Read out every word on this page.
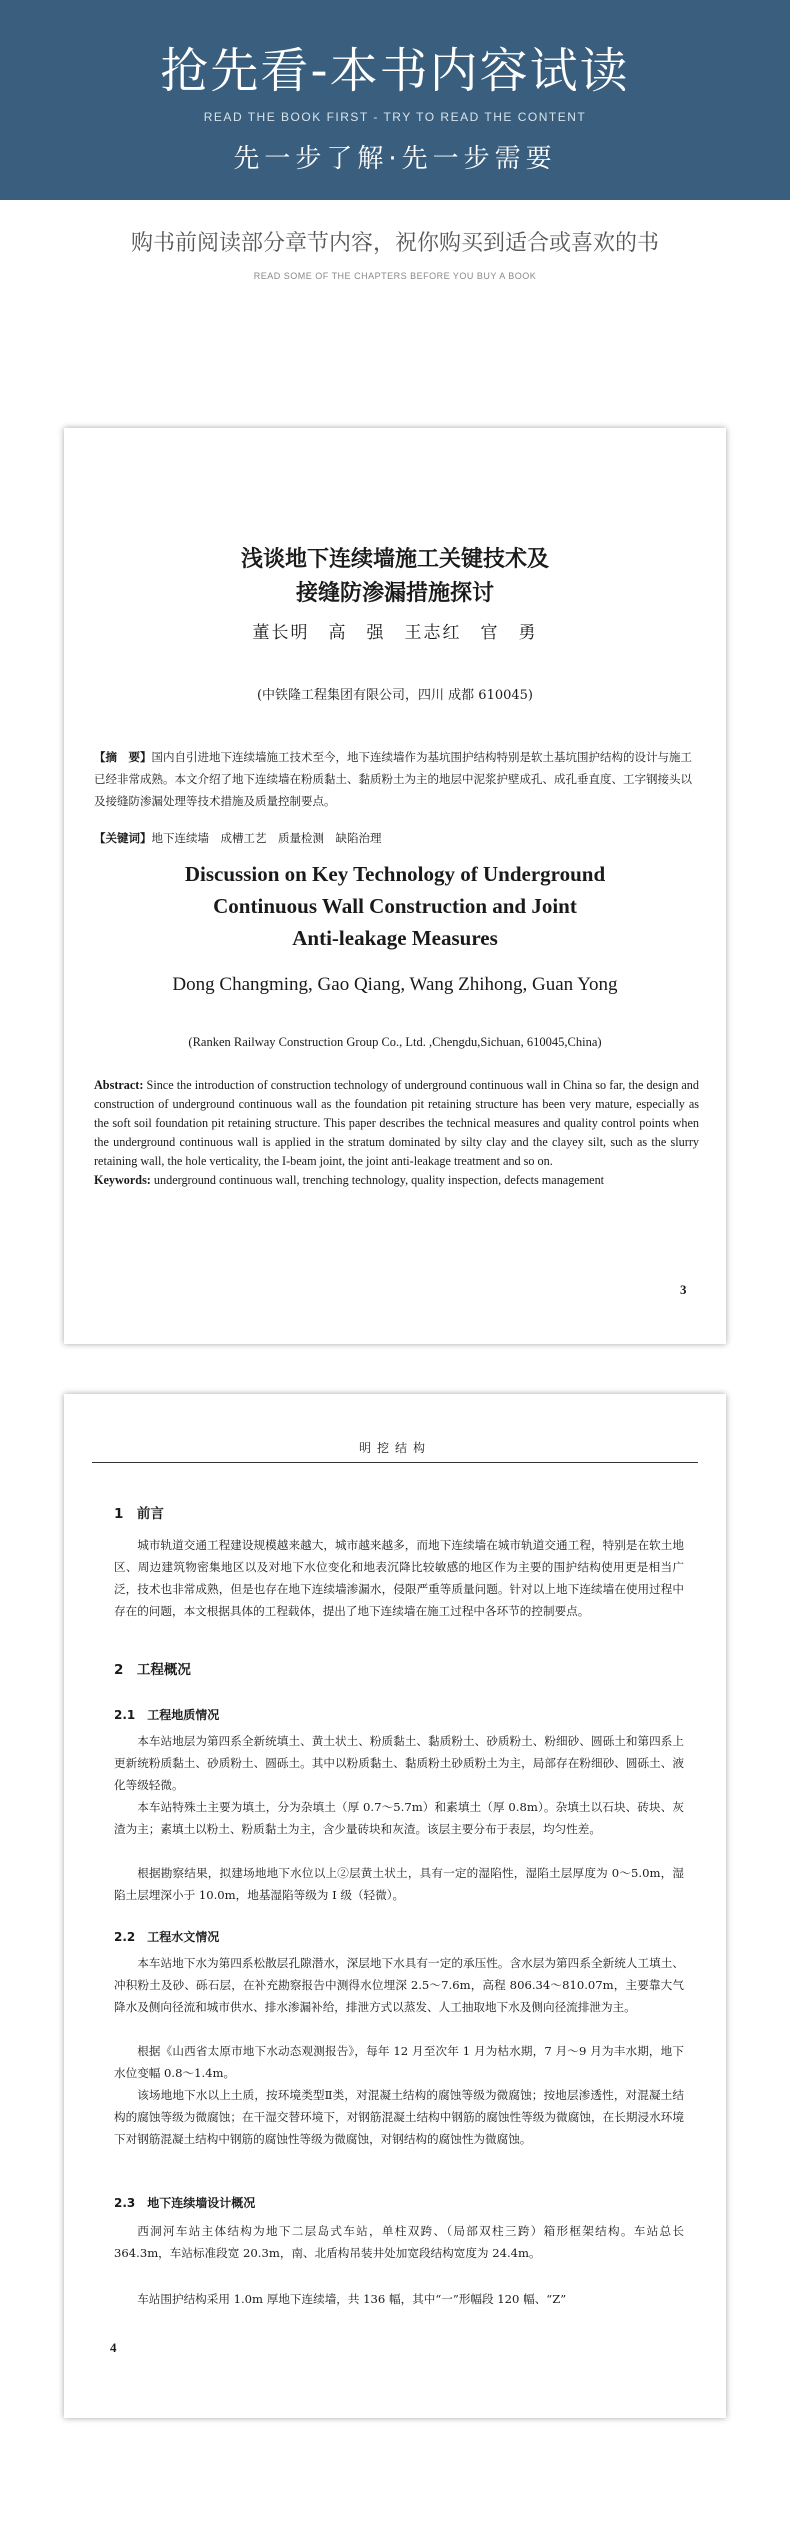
抢先看-本书内容试读
READ THE BOOK FIRST - TRY TO READ THE CONTENT
先一步了解·先一步需要
购书前阅读部分章节内容，祝你购买到适合或喜欢的书
READ SOME OF THE CHAPTERS BEFORE YOU BUY A BOOK
浅谈地下连续墙施工关键技术及
接缝防渗漏措施探讨
董长明　高　强　王志红　官　勇
(中铁隆工程集团有限公司，四川 成都 610045)
【摘　要】国内自引进地下连续墙施工技术至今，地下连续墙作为基坑围护结构特别是软土基坑围护结构的设计与施工已经非常成熟。本文介绍了地下连续墙在粉质黏土、黏质粉土为主的地层中泥浆护壁成孔、成孔垂直度、工字钢接头以及接缝防渗漏处理等技术措施及质量控制要点。
【关键词】地下连续墙　成槽工艺　质量检测　缺陷治理
Discussion on Key Technology of Underground
Continuous Wall Construction and Joint
Anti-leakage Measures
Dong Changming, Gao Qiang, Wang Zhihong, Guan Yong
(Ranken Railway Construction Group Co., Ltd. ,Chengdu,Sichuan, 610045,China)
Abstract: Since the introduction of construction technology of underground continuous wall in China so far, the design and construction of underground continuous wall as the foundation pit retaining structure has been very mature, especially as the soft soil foundation pit retaining structure. This paper describes the technical measures and quality control points when the underground continuous wall is applied in the stratum dominated by silty clay and the clayey silt, such as the slurry retaining wall, the hole verticality, the I-beam joint, the joint anti-leakage treatment and so on.
Keywords: underground continuous wall, trenching technology, quality inspection, defects management
3
明挖结构
1　前言
城市轨道交通工程建设规模越来越大，城市越来越多，而地下连续墙在城市轨道交通工程，特别是在软土地区、周边建筑物密集地区以及对地下水位变化和地表沉降比较敏感的地区作为主要的围护结构使用更是相当广泛，技术也非常成熟，但是也存在地下连续墙渗漏水，侵限严重等质量问题。针对以上地下连续墙在使用过程中存在的问题，本文根据具体的工程载体，提出了地下连续墙在施工过程中各环节的控制要点。
2　工程概况
2.1　工程地质情况
本车站地层为第四系全新统填土、黄土状土、粉质黏土、黏质粉土、砂质粉土、粉细砂、圆砾土和第四系上更新统粉质黏土、砂质粉土、圆砾土。其中以粉质黏土、黏质粉土砂质粉土为主，局部存在粉细砂、圆砾土、液化等级轻微。
本车站特殊土主要为填土，分为杂填土（厚 0.7～5.7m）和素填土（厚 0.8m）。杂填土以石块、砖块、灰渣为主；素填土以粉土、粉质黏土为主，含少量砖块和灰渣。该层主要分布于表层，均匀性差。
根据勘察结果，拟建场地地下水位以上②层黄土状土，具有一定的湿陷性，湿陷土层厚度为 0～5.0m，湿陷土层埋深小于 10.0m，地基湿陷等级为 I 级（轻微）。
2.2　工程水文情况
本车站地下水为第四系松散层孔隙潜水，深层地下水具有一定的承压性。含水层为第四系全新统人工填土、冲积粉土及砂、砾石层，在补充勘察报告中测得水位埋深 2.5～7.6m，高程 806.34～810.07m，主要靠大气降水及侧向径流和城市供水、排水渗漏补给，排泄方式以蒸发、人工抽取地下水及侧向径流排泄为主。
根据《山西省太原市地下水动态观测报告》，每年 12 月至次年 1 月为枯水期，7 月～9 月为丰水期，地下水位变幅 0.8～1.4m。
该场地地下水以上土质，按环境类型Ⅱ类，对混凝土结构的腐蚀等级为微腐蚀；按地层渗透性，对混凝土结构的腐蚀等级为微腐蚀；在干湿交替环境下，对钢筋混凝土结构中钢筋的腐蚀性等级为微腐蚀，在长期浸水环境下对钢筋混凝土结构中钢筋的腐蚀性等级为微腐蚀，对钢结构的腐蚀性为微腐蚀。
2.3　地下连续墙设计概况
西洞河车站主体结构为地下二层岛式车站，单柱双跨、（局部双柱三跨）箱形框架结构。车站总长 364.3m，车站标准段宽 20.3m，南、北盾构吊装井处加宽段结构宽度为 24.4m。
车站围护结构采用 1.0m 厚地下连续墙，共 136 幅，其中“一”形幅段 120 幅、“Z”
4
